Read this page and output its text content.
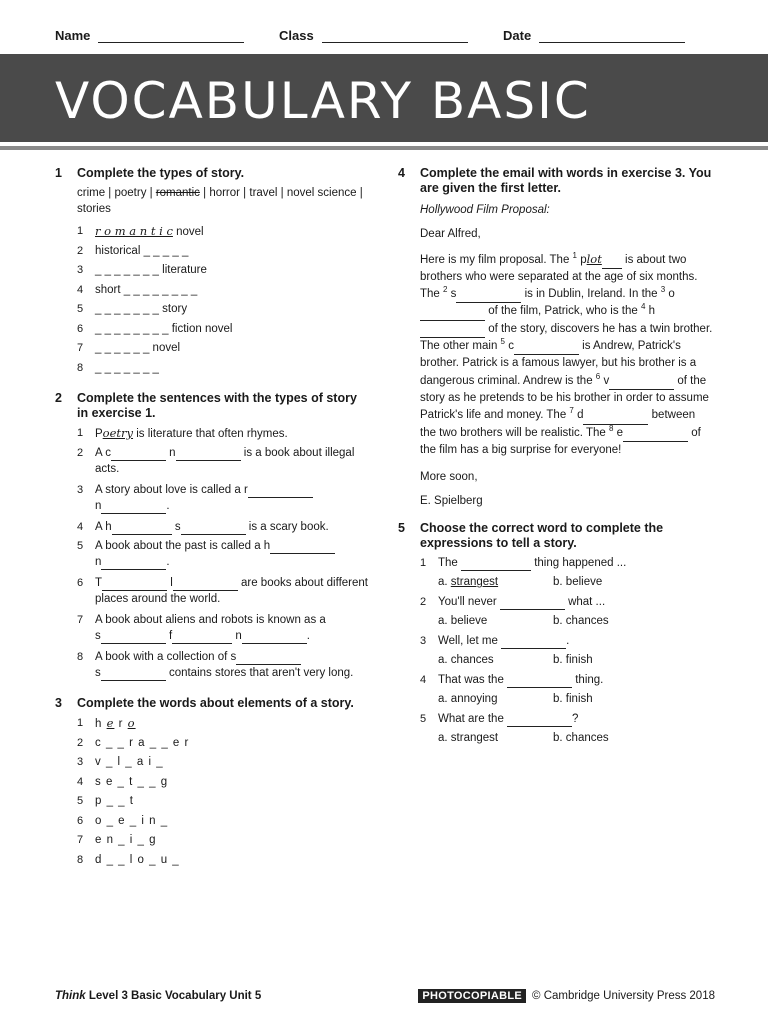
Name	Class	Date
VOCABULARY BASIC
1	Complete the types of story.
crime | poetry | romantic | horror | travel | novel science | stories
1	r o m a n t i c novel
2	historical _ _ _ _ _
3	_ _ _ _ _ _ _ literature
4	short _ _ _ _ _ _ _ _
5	_ _ _ _ _ _ _ story
6	_ _ _ _ _ _ _ _ fiction novel
7	_ _ _ _ _ _ novel
8	_ _ _ _ _ _ _
2	Complete the sentences with the types of story in exercise 1.
1	Poetry is literature that often rhymes.
2	A c	n	is a book about illegal acts.
3	A story about love is called a r
n	.
4	A h	s	is a scary book.
5	A book about the past is called a h
n	.
6	T	l	are books about different places around the world.
7	A book about aliens and robots is known as a
s	f	n	.
8	A book with a collection of s
s	contains stores that aren't very long.
3	Complete the words about elements of a story.
1	h e r o
2	c _ _ r a _ _ e r
3	v _ l _ a i _
4	s e _ t _ _ g
5	p _ _ t
6	o _ e _ i n _
7	e n _ i _ g
8	d _ _ l o _ u _
4	Complete the email with words in exercise 3. You are given the first letter.
Hollywood Film Proposal:
Dear Alfred,
Here is my film proposal. The $^1$ plot is about two brothers who were separated at the age of six months. The $^2$ s	is in Dublin, Ireland. In the $^3$ o of the film, Patrick, who is the $^4$ h of the story, discovers he has a twin brother. The other main $^5$ c	is Andrew, Patrick's brother. Patrick is a famous lawyer, but his brother is a dangerous criminal. Andrew is the $^6$ v	of the story as he pretends to be his brother in order to assume Patrick's life and money. The $^7$ d	between the two brothers will be realistic. The $^8$ e	of the film has a big surprise for everyone!
More soon,
E. Spielberg
5	Choose the correct word to complete the expressions to tell a story.
1	The	thing happened ...
a. strangest	b. believe
2	You'll never	what ...
a. believe	b. chances
3	Well, let me	.
a. chances	b. finish
4	That was the	thing.
a. annoying	b. finish
5	What are the	?
a. strangest	b. chances
Think Level 3 Basic Vocabulary Unit 5	PHOTOCOPIABLE © Cambridge University Press 2018
